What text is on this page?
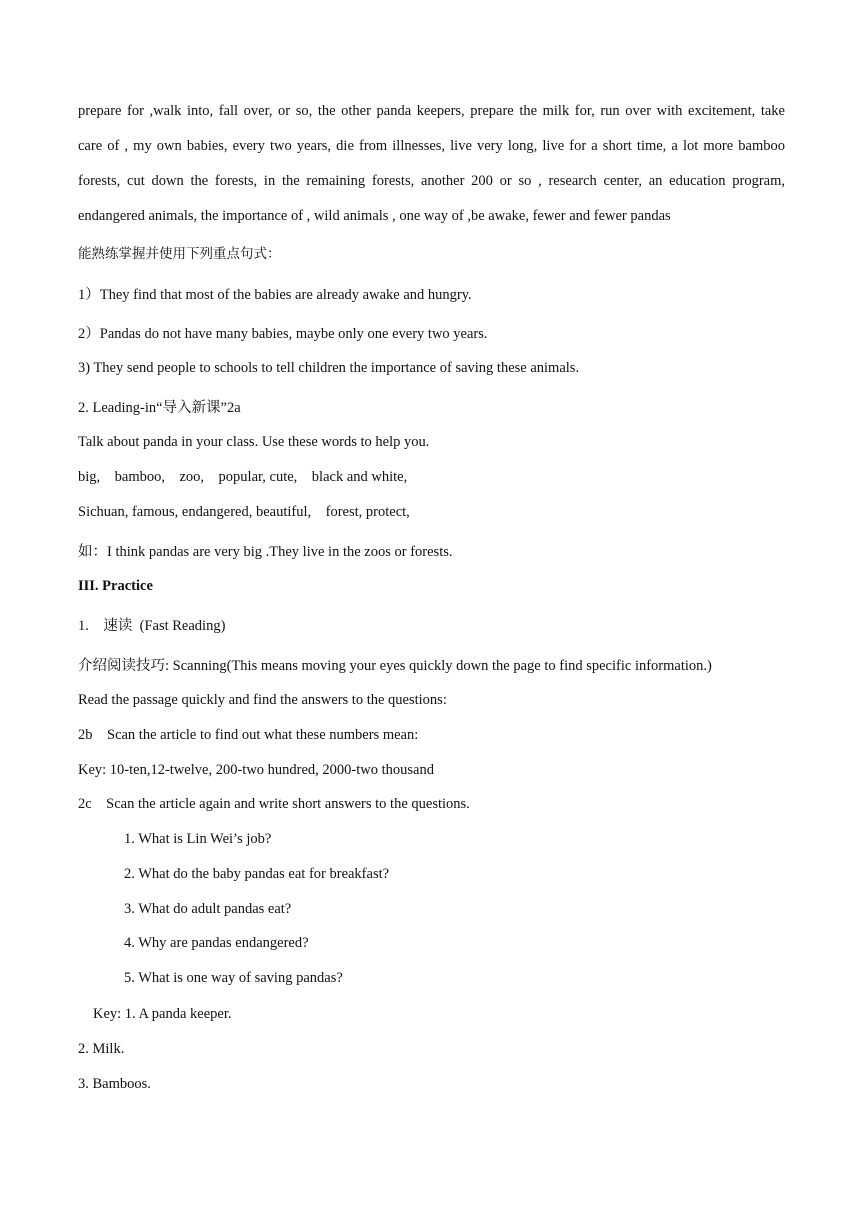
prepare for ,walk into, fall over, or so, the other panda keepers, prepare the milk for, run over with excitement, take
care of , my own babies, every two years, die from illnesses, live very long, live for a short time, a lot more bamboo
forests, cut down the forests, in the remaining forests, another 200 or so , research center, an education program,
endangered animals, the importance of , wild animals , one way of ,be awake, fewer and fewer pandas

能熟练掌握并使用下列重点句式：

1）They find that most of the babies are already awake and hungry.

2）Pandas do not have many babies, maybe only one every two years.

3) They send people to schools to tell children the importance of saving these animals.

2. Leading-in“导入新课”2a

Talk about panda in your class. Use these words to help you.

big,    bamboo,    zoo,    popular, cute,    black and white,

Sichuan, famous, endangered, beautiful,    forest, protect,

如：I think pandas are very big .They live in the zoos or forests.

III. Practice

1.    速读  (Fast Reading)

介绍阅读技巧: Scanning(This means moving your eyes quickly down the page to find specific information.)

Read the passage quickly and find the answers to the questions:

2b    Scan the article to find out what these numbers mean:

Key: 10-ten,12-twelve, 200-two hundred, 2000-two thousand

2c    Scan the article again and write short answers to the questions.

1. What is Lin Wei’s job?

2. What do the baby pandas eat for breakfast?

3. What do adult pandas eat?

4. Why are pandas endangered?

5. What is one way of saving pandas?

Key: 1. A panda keeper.

2. Milk.

3. Bamboos.
